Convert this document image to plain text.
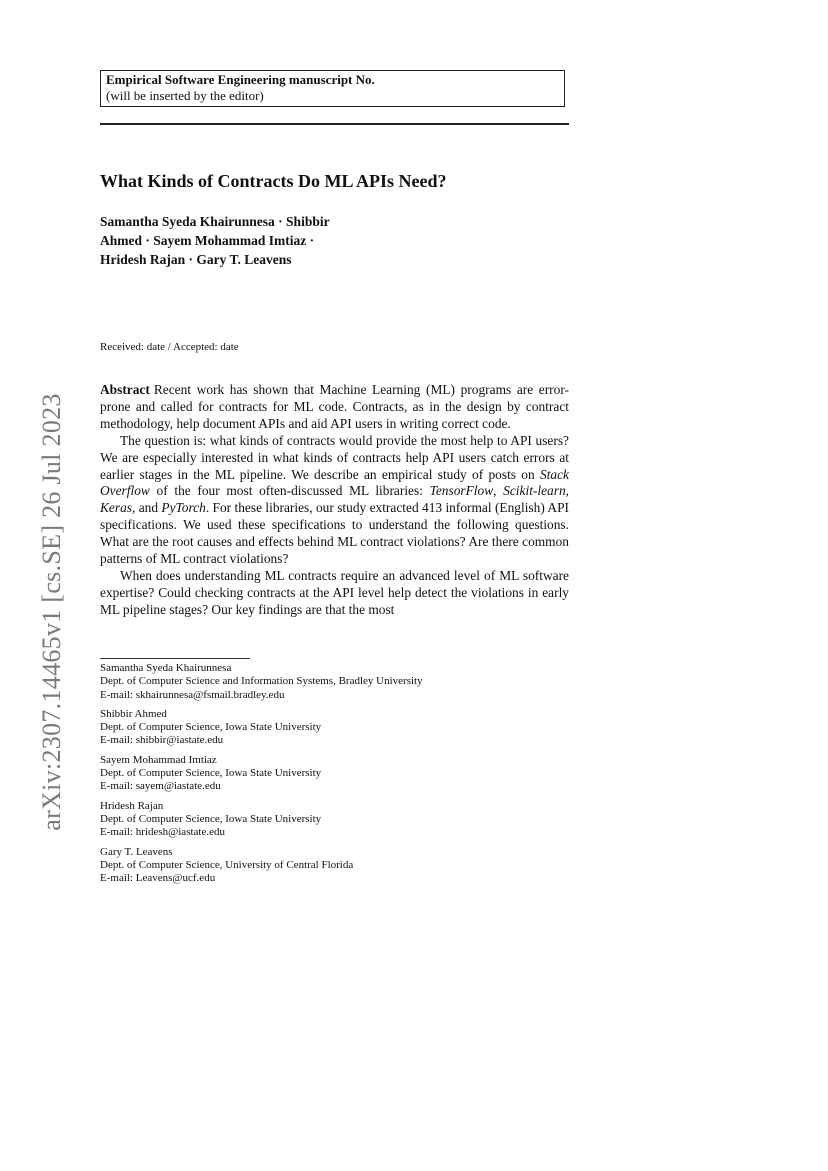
Empirical Software Engineering manuscript No.
(will be inserted by the editor)
What Kinds of Contracts Do ML APIs Need?
Samantha Syeda Khairunnesa · Shibbir
Ahmed · Sayem Mohammad Imtiaz ·
Hridesh Rajan · Gary T. Leavens
Received: date / Accepted: date

Abstract Recent work has shown that Machine Learning (ML) programs are error-prone and called for contracts for ML code. Contracts, as in the design by contract methodology, help document APIs and aid API users in writing correct code.

The question is: what kinds of contracts would provide the most help to API users? We are especially interested in what kinds of contracts help API users catch errors at earlier stages in the ML pipeline. We describe an empirical study of posts on Stack Overflow of the four most often-discussed ML libraries: TensorFlow, Scikit-learn, Keras, and PyTorch. For these libraries, our study extracted 413 informal (English) API specifications. We used these specifications to understand the following questions. What are the root causes and effects behind ML contract violations? Are there common patterns of ML contract violations?

When does understanding ML contracts require an advanced level of ML software expertise? Could checking contracts at the API level help detect the violations in early ML pipeline stages? Our key findings are that the most

Samantha Syeda Khairunnesa
Dept. of Computer Science and Information Systems, Bradley University
E-mail: skhairunnesa@fsmail.bradley.edu
Shibbir Ahmed
Dept. of Computer Science, Iowa State University
E-mail: shibbir@iastate.edu
Sayem Mohammad Imtiaz
Dept. of Computer Science, Iowa State University
E-mail: sayem@iastate.edu
Hridesh Rajan
Dept. of Computer Science, Iowa State University
E-mail: hridesh@iastate.edu
Gary T. Leavens
Dept. of Computer Science, University of Central Florida
E-mail: Leavens@ucf.edu
arXiv:2307.14465v1 [cs.SE] 26 Jul 2023
